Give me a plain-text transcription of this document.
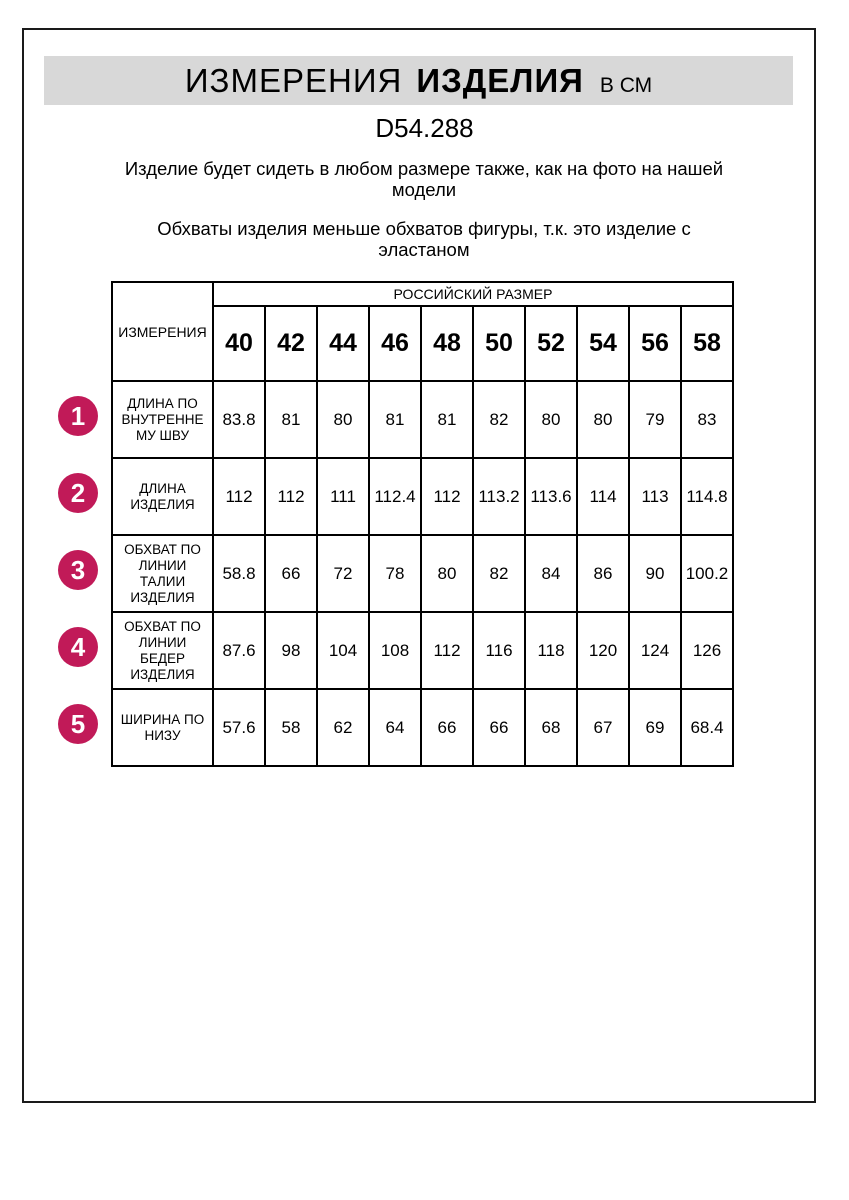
ИЗМЕРЕНИЯ ИЗДЕЛИЯ В СМ
D54.288
Изделие будет сидеть в любом размере также, как на фото на нашей
модели
Обхваты изделия меньше обхватов фигуры, т.к. это изделие с
эластаном
ИЗМЕРЕНИЯ	РОССИЙСКИЙ РАЗМЕР									
	40	42	44	46	48	50	52	54	56	58

ДЛИНА ПО
ВНУТРЕННЕ
МУ ШВУ	83.8	81	80	81	81	82	80	80	79	83

ДЛИНА
ИЗДЕЛИЯ	112	112	111	112.4	112	113.2	113.6	114	113	114.8

ОБХВАТ ПО
ЛИНИИ
ТАЛИИ
ИЗДЕЛИЯ	58.8	66	72	78	80	82	84	86	90	100.2

ОБХВАТ ПО
ЛИНИИ
БЕДЕР
ИЗДЕЛИЯ	87.6	98	104	108	112	116	118	120	124	126

ШИРИНА ПО
НИЗУ	57.6	58	62	64	66	66	68	67	69	68.4
1
2
3
4
5
